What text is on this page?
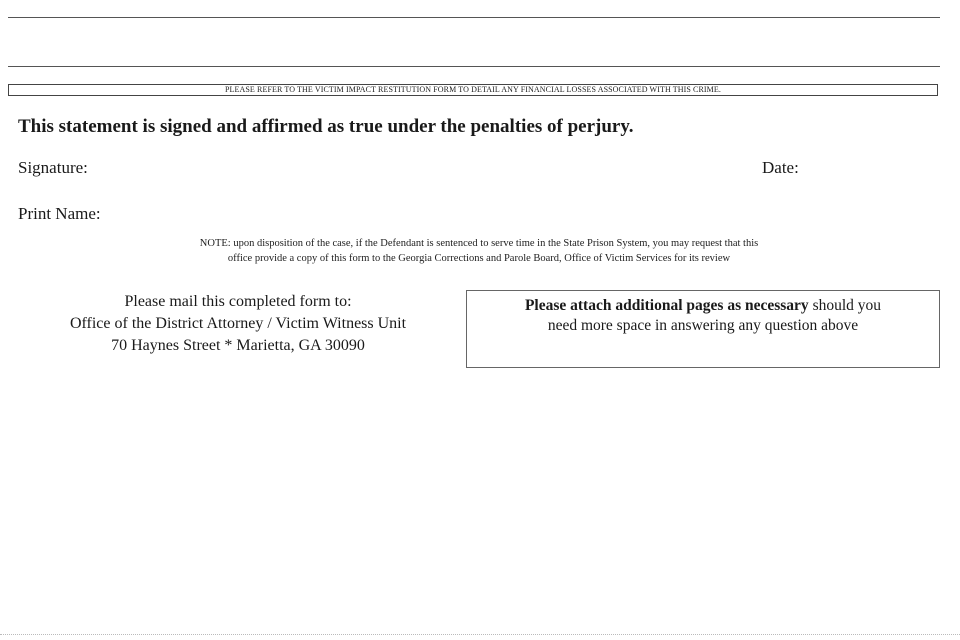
PLEASE REFER TO THE VICTIM IMPACT RESTITUTION FORM TO DETAIL ANY FINANCIAL LOSSES ASSOCIATED WITH THIS CRIME.
This statement is signed and affirmed as true under the penalties of perjury.
Signature:	Date:
Print Name:
NOTE: upon disposition of the case, if the Defendant is sentenced to serve time in the State Prison System, you may request that this
office provide a copy of this form to the Georgia Corrections and Parole Board, Office of Victim Services for its review
Please mail this completed form to:
Office of the District Attorney / Victim Witness Unit
70 Haynes Street * Marietta, GA 30090
Please attach additional pages as necessary should you
need more space in answering any question above
